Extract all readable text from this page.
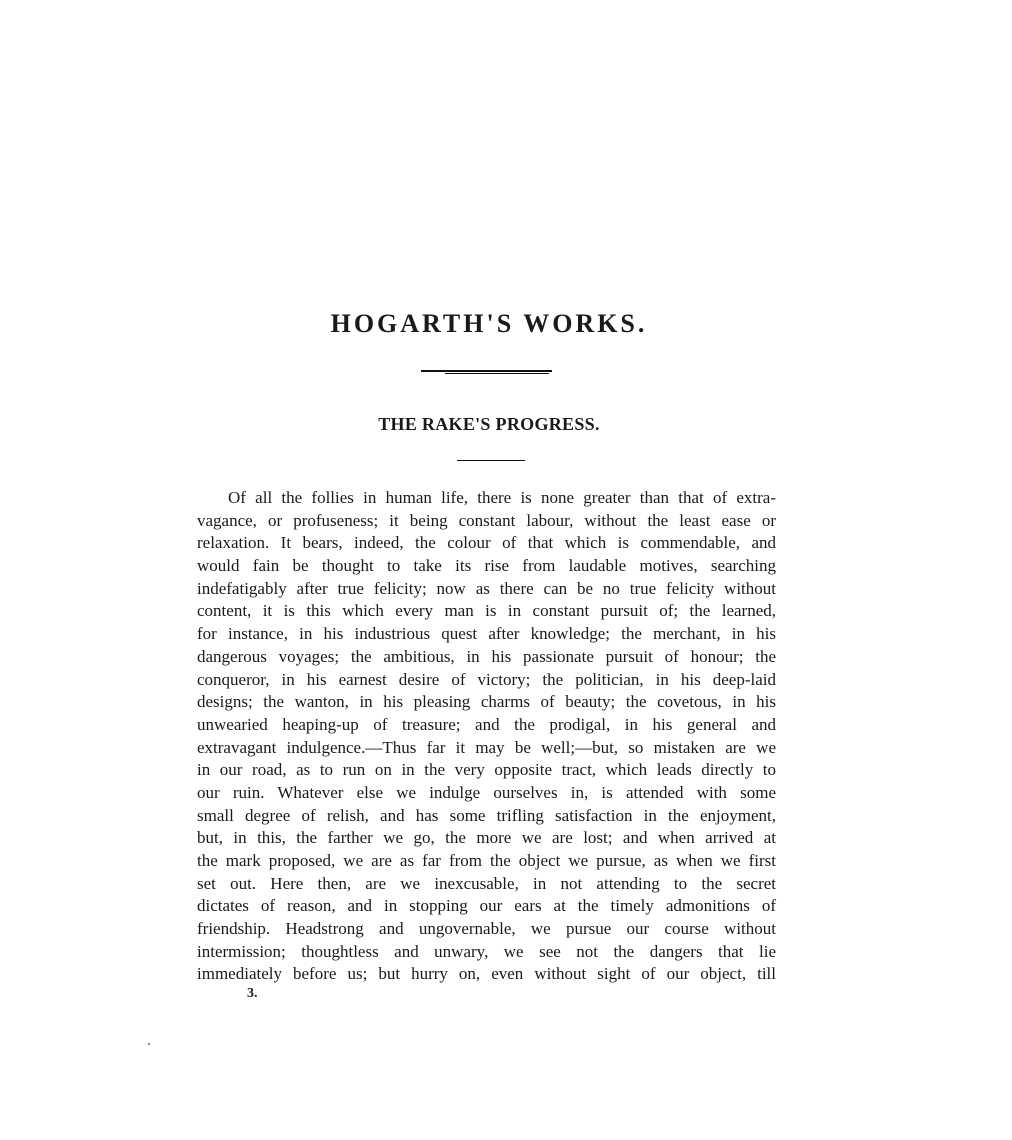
HOGARTH'S WORKS.
THE RAKE'S PROGRESS.
Of all the follies in human life, there is none greater than that of extra-
vagance, or profuseness; it being constant labour, without the least ease or
relaxation. It bears, indeed, the colour of that which is commendable, and
would fain be thought to take its rise from laudable motives, searching
indefatigably after true felicity; now as there can be no true felicity without
content, it is this which every man is in constant pursuit of; the learned,
for instance, in his industrious quest after knowledge; the merchant, in his
dangerous voyages; the ambitious, in his passionate pursuit of honour; the
conqueror, in his earnest desire of victory; the politician, in his deep-laid
designs; the wanton, in his pleasing charms of beauty; the covetous, in his
unwearied heaping-up of treasure; and the prodigal, in his general and
extravagant indulgence.—Thus far it may be well;—but, so mistaken are we
in our road, as to run on in the very opposite tract, which leads directly to
our ruin. Whatever else we indulge ourselves in, is attended with some
small degree of relish, and has some trifling satisfaction in the enjoyment,
but, in this, the farther we go, the more we are lost; and when arrived at
the mark proposed, we are as far from the object we pursue, as when we first
set out. Here then, are we inexcusable, in not attending to the secret
dictates of reason, and in stopping our ears at the timely admonitions of
friendship. Headstrong and ungovernable, we pursue our course without
intermission; thoughtless and unwary, we see not the dangers that lie
immediately before us; but hurry on, even without sight of our object, till
3.
